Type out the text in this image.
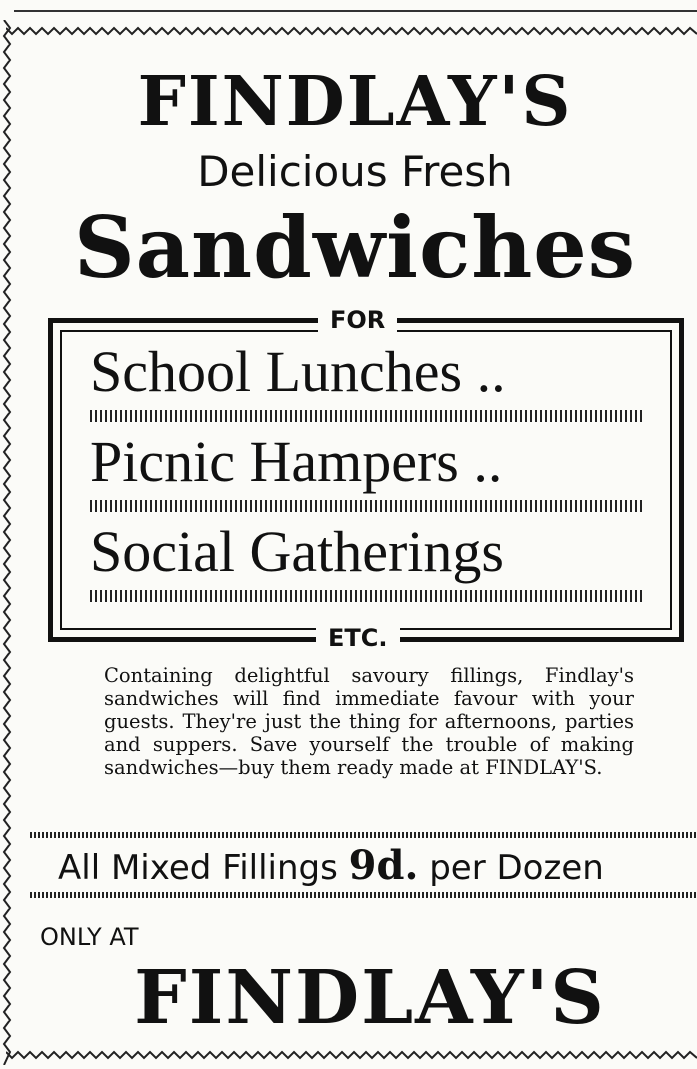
FINDLAY'S
Delicious Fresh
Sandwiches
FOR
School Lunches ..
Picnic Hampers ..
Social Gatherings
ETC.
Containing delightful savoury fillings, Findlay's sandwiches will find immediate favour with your guests. They're just the thing for afternoons, parties and suppers. Save yourself the trouble of making sandwiches—buy them ready made at FINDLAY'S.
All Mixed Fillings 9d. per Dozen
ONLY AT
FINDLAY'S
